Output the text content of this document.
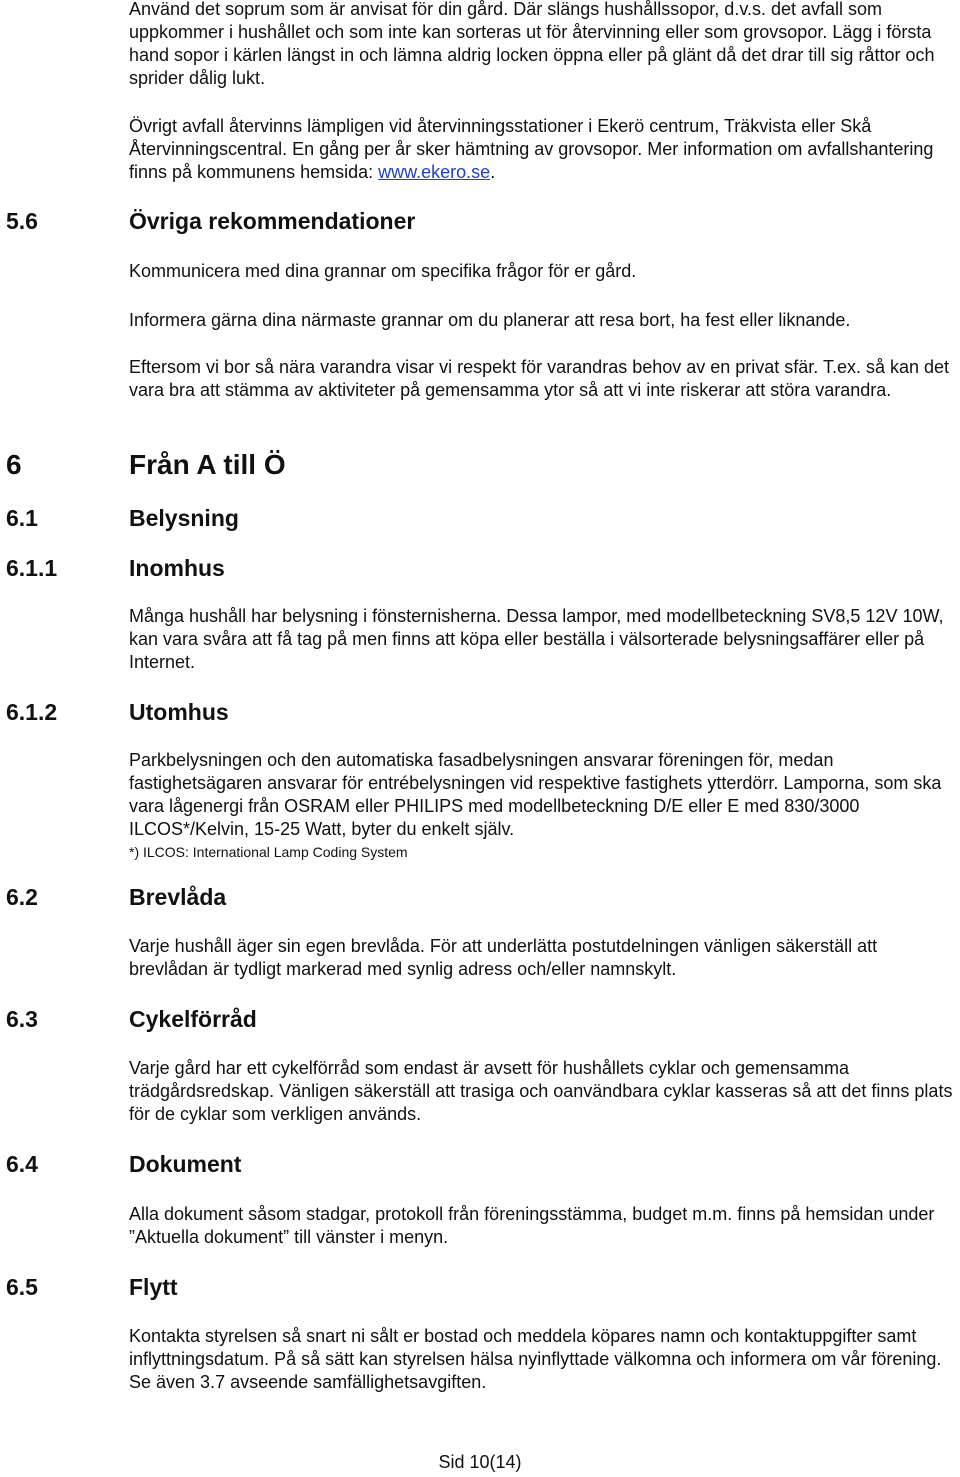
Använd det soprum som är anvisat för din gård. Där slängs hushållssopor, d.v.s. det avfall som uppkommer i hushållet och som inte kan sorteras ut för återvinning eller som grovsopor. Lägg i första hand sopor i kärlen längst in och lämna aldrig locken öppna eller på glänt då det drar till sig råttor och sprider dålig lukt.

Övrigt avfall återvinns lämpligen vid återvinningsstationer i Ekerö centrum, Träkvista eller Skå Återvinningscentral. En gång per år sker hämtning av grovsopor. Mer information om avfallshantering finns på kommunens hemsida: www.ekero.se.

5.6	Övriga rekommendationer

Kommunicera med dina grannar om specifika frågor för er gård.

Informera gärna dina närmaste grannar om du planerar att resa bort, ha fest eller liknande.

Eftersom vi bor så nära varandra visar vi respekt för varandras behov av en privat sfär. T.ex. så kan det vara bra att stämma av aktiviteter på gemensamma ytor så att vi inte riskerar att störa varandra.

6	Från A till Ö
6.1	Belysning
6.1.1	Inomhus

Många hushåll har belysning i fönsternisherna. Dessa lampor, med modellbeteckning SV8,5 12V 10W, kan vara svåra att få tag på men finns att köpa eller beställa i välsorterade belysningsaffärer eller på Internet.

6.1.2	Utomhus

Parkbelysningen och den automatiska fasadbelysningen ansvarar föreningen för, medan fastighetsägaren ansvarar för entrébelysningen vid respektive fastighets ytterdörr. Lamporna, som ska vara lågenergi från OSRAM eller PHILIPS med modellbeteckning D/E eller E med 830/3000 ILCOS*/Kelvin, 15-25 Watt, byter du enkelt själv.

*) ILCOS: International Lamp Coding System

6.2	Brevlåda

Varje hushåll äger sin egen brevlåda. För att underlätta postutdelningen vänligen säkerställ att brevlådan är tydligt markerad med synlig adress och/eller namnskylt.

6.3	Cykelförråd

Varje gård har ett cykelförråd som endast är avsett för hushållets cyklar och gemensamma trädgårdsredskap. Vänligen säkerställ att trasiga och oanvändbara cyklar kasseras så att det finns plats för de cyklar som verkligen används.

6.4	Dokument

Alla dokument såsom stadgar, protokoll från föreningsstämma, budget m.m. finns på hemsidan under ”Aktuella dokument” till vänster i menyn.

6.5	Flytt

Kontakta styrelsen så snart ni sålt er bostad och meddela köpares namn och kontaktuppgifter samt inflyttningsdatum. På så sätt kan styrelsen hälsa nyinflyttade välkomna och informera om vår förening. Se även 3.7 avseende samfällighetsavgiften.

Sid 10(14)
